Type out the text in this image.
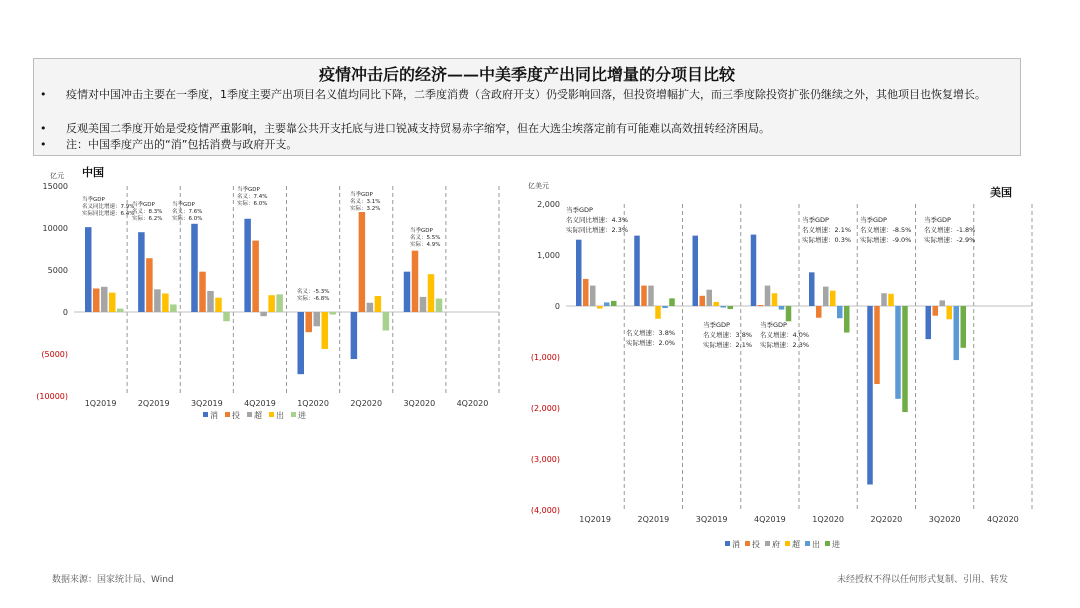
疫情冲击后的经济——中美季度产出同比增量的分项目比较
• 疫情对中国冲击主要在一季度，1季度主要产出项目名义值均同比下降，二季度消费（含政府开支）仍受影响回落，但投资增幅扩大，而三季度除投资扩张仍继续之外，其他项目也恢复增长。
• 反观美国二季度开始是受疫情严重影响，主要靠公共开支托底与进口锐减支持贸易赤字缩窄，但在大选尘埃落定前有可能难以高效扭转经济困局。
• 注：中国季度产出的“消”包括消费与政府开支。
亿元 中国
15000
10000
5000
0
(5000)
(10000)
1Q2019	2Q2019	3Q2019	4Q2019	1Q2020	2Q2020	3Q2020	4Q2020
当季GDP
名义同比增速：7.9%
实际同比增速：6.4%
当季GDP
名义：8.3%
实际：6.2%
当季GDP
名义：7.6%
实际：6.0%
当季GDP
名义：7.4%
实际：6.0%
名义：-5.3%
实际：-6.8%
当季GDP
名义：3.1%
实际：3.2%
当季GDP
名义：5.5%
实际：4.9%
消 投 超 出 进
亿美元	美国
2,000
1,000
0
(1,000)
(2,000)
(3,000)
(4,000)
1Q2019	2Q2019	3Q2019	4Q2019	1Q2020	2Q2020	3Q2020	4Q2020
当季GDP
名义同比增速：4.3%
实际同比增速：2.3%
名义增速：3.8%
实际增速：2.0%
当季GDP
名义增速：3.8%
实际增速：2.1%
当季GDP
名义增速：4.0%
实际增速：2.3%
当季GDP
名义增速：2.1%
实际增速：0.3%
当季GDP
名义增速：-8.5%
实际增速：-9.0%
当季GDP
名义增速：-1.8%
实际增速：-2.9%
消 投 府 超 出 进
数据来源：国家统计局、Wind	未经授权不得以任何形式复制、引用、转发
